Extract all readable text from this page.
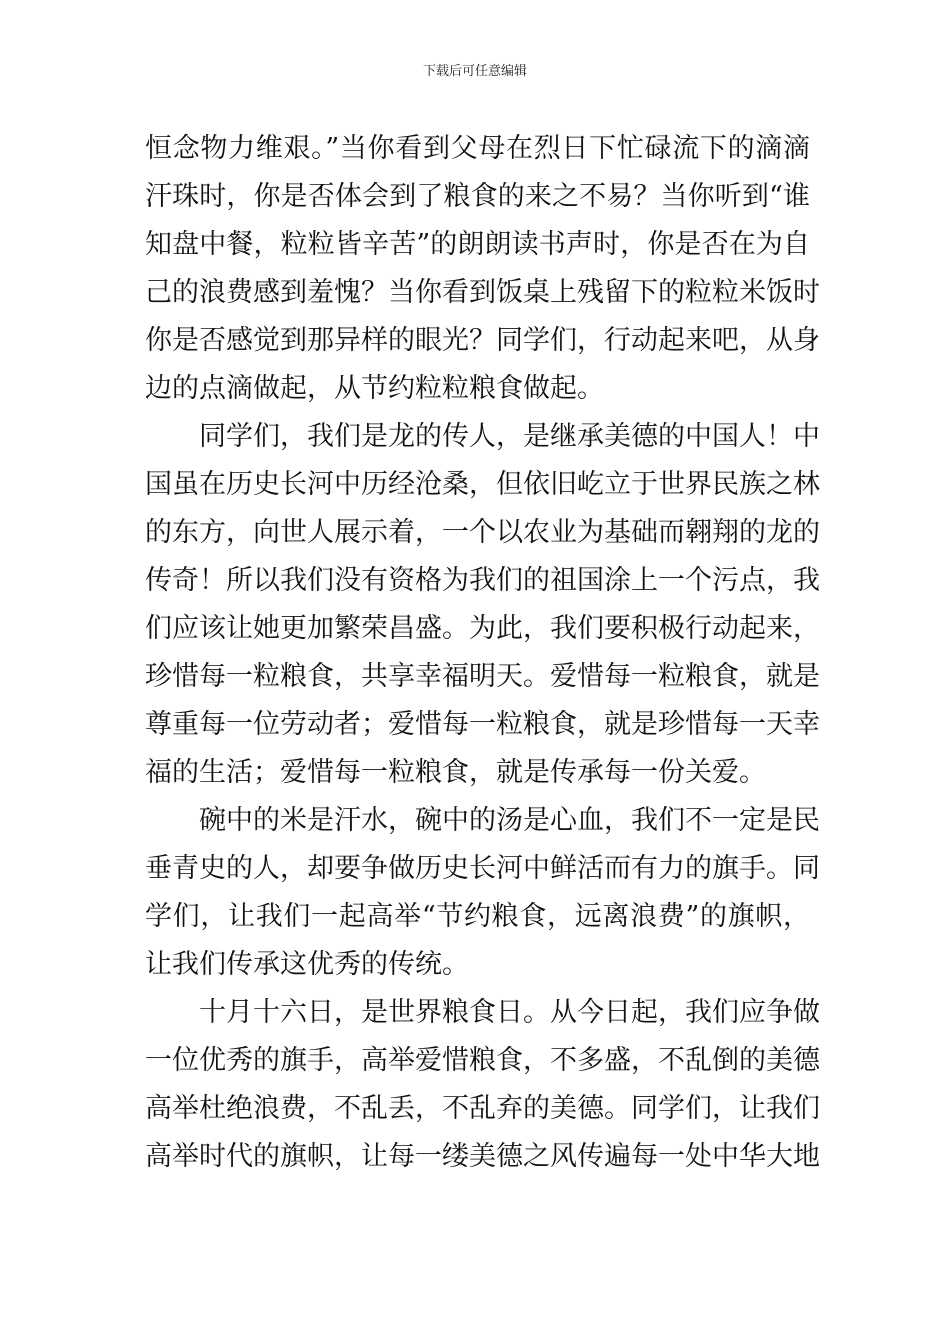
下载后可任意编辑
恒念物力维艰。”当你看到父母在烈日下忙碌流下的滴滴
汗珠时，你是否体会到了粮食的来之不易？当你听到“谁
知盘中餐，粒粒皆辛苦”的朗朗读书声时，你是否在为自
己的浪费感到羞愧？当你看到饭桌上残留下的粒粒米饭时
你是否感觉到那异样的眼光？同学们，行动起来吧，从身
边的点滴做起，从节约粒粒粮食做起。
同学们，我们是龙的传人，是继承美德的中国人！中
国虽在历史长河中历经沧桑，但依旧屹立于世界民族之林
的东方，向世人展示着，一个以农业为基础而翱翔的龙的
传奇！所以我们没有资格为我们的祖国涂上一个污点，我
们应该让她更加繁荣昌盛。为此，我们要积极行动起来，
珍惜每一粒粮食，共享幸福明天。爱惜每一粒粮食，就是
尊重每一位劳动者；爱惜每一粒粮食，就是珍惜每一天幸
福的生活；爱惜每一粒粮食，就是传承每一份关爱。
碗中的米是汗水，碗中的汤是心血，我们不一定是民
垂青史的人，却要争做历史长河中鲜活而有力的旗手。同
学们，让我们一起高举“节约粮食，远离浪费”的旗帜，
让我们传承这优秀的传统。
十月十六日，是世界粮食日。从今日起，我们应争做
一位优秀的旗手，高举爱惜粮食，不多盛，不乱倒的美德
高举杜绝浪费，不乱丢，不乱弃的美德。同学们，让我们
高举时代的旗帜，让每一缕美德之风传遍每一处中华大地
